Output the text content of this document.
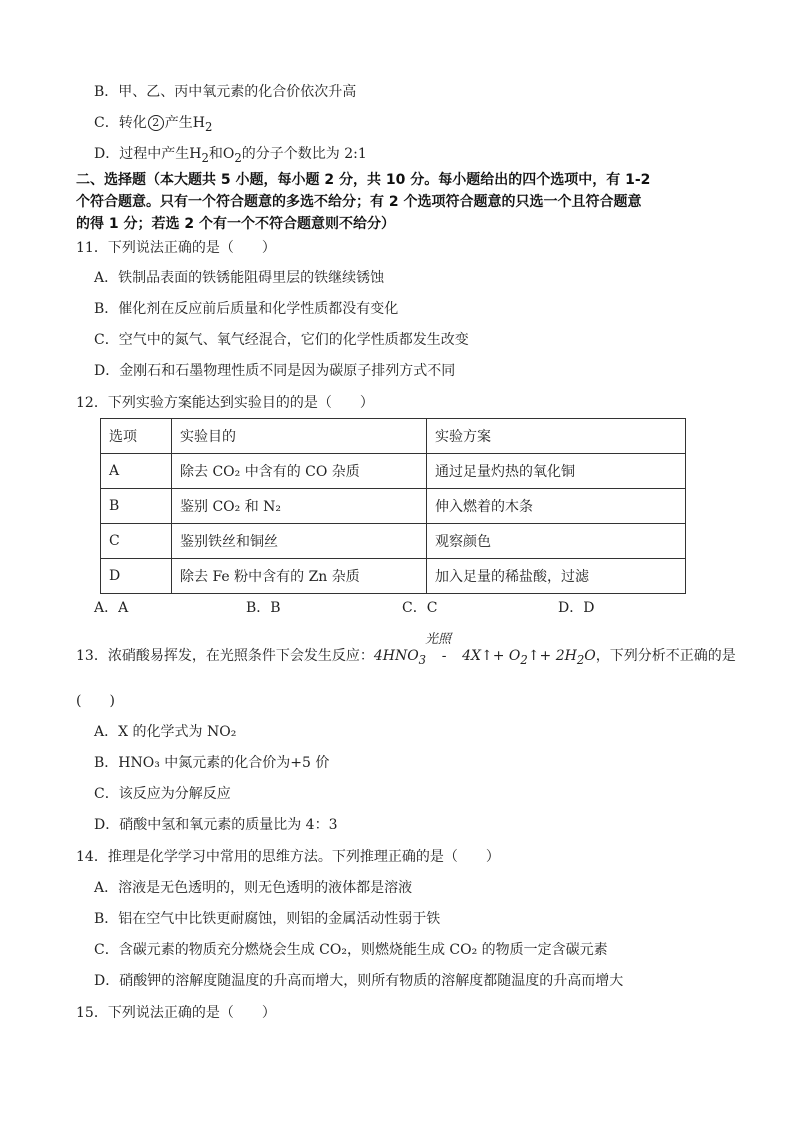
B．甲、乙、丙中氧元素的化合价依次升高
C．转化 2 产生$H_2$
D．过程中产生$H_2$和$O_2$的分子个数比为 2:1
二、选择题（本大题共 5 小题，每小题 2 分，共 10 分。每小题给出的四个选项中，有 1-2
个符合题意。只有一个符合题意的多选不给分；有 2 个选项符合题意的只选一个且符合题意
的得 1 分；若选 2 个有一个不符合题意则不给分）
11．下列说法正确的是（　　）
A．铁制品表面的铁锈能阻碍里层的铁继续锈蚀
B．催化剂在反应前后质量和化学性质都没有变化
C．空气中的氮气、氧气经混合，它们的化学性质都发生改变
D．金刚石和石墨物理性质不同是因为碳原子排列方式不同
12．下列实验方案能达到实验目的的是（　　）
选项	实验目的	实验方案
A	除去 CO₂ 中含有的 CO 杂质	通过足量灼热的氧化铜
B	鉴别 CO₂ 和 N₂	伸入燃着的木条
C	鉴别铁丝和铜丝	观察颜色
D	除去 Fe 粉中含有的 Zn 杂质	加入足量的稀盐酸，过滤
A．A	B．B	C．C	D．D
光照
13．浓硝酸易挥发，在光照条件下会发生反应：$4HNO_3$ - 4X↑+ $O_2↑+ 2H_2O$，下列分析不正确的是
(　　)
A．X 的化学式为 NO₂
B．HNO₃ 中氮元素的化合价为+5 价
C．该反应为分解反应
D．硝酸中氢和氧元素的质量比为 4：3
14．推理是化学学习中常用的思维方法。下列推理正确的是（　　）
A．溶液是无色透明的，则无色透明的液体都是溶液
B．铝在空气中比铁更耐腐蚀，则铝的金属活动性弱于铁
C．含碳元素的物质充分燃烧会生成 CO₂，则燃烧能生成 CO₂ 的物质一定含碳元素
D．硝酸钾的溶解度随温度的升高而增大，则所有物质的溶解度都随温度的升高而增大
15．下列说法正确的是（　　）
